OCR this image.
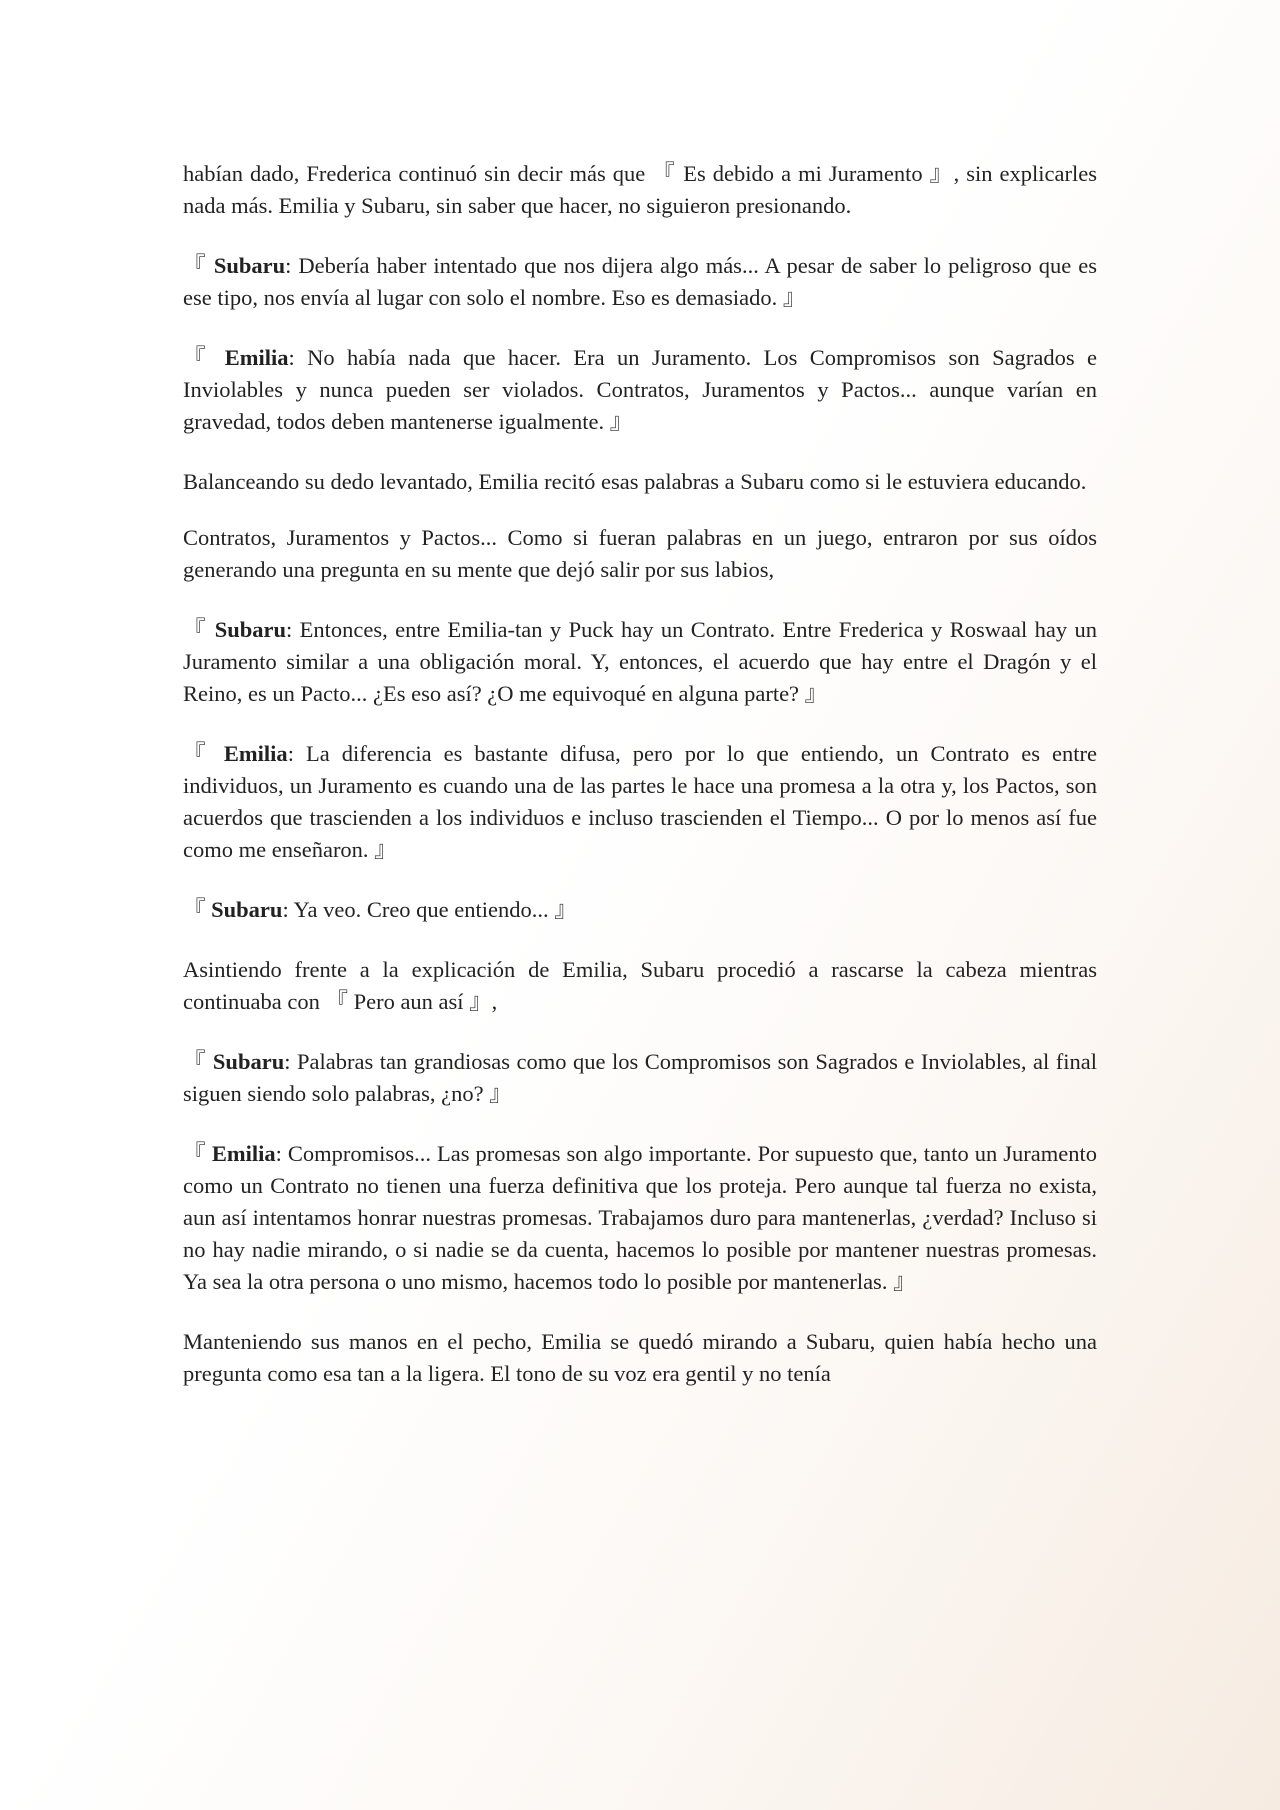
habían dado, Frederica continuó sin decir más que 『 Es debido a mi Juramento 』, sin explicarles nada más. Emilia y Subaru, sin saber que hacer, no siguieron presionando.

『 Subaru: Debería haber intentado que nos dijera algo más... A pesar de saber lo peligroso que es ese tipo, nos envía al lugar con solo el nombre. Eso es demasiado. 』

『 Emilia: No había nada que hacer. Era un Juramento. Los Compromisos son Sagrados e Inviolables y nunca pueden ser violados. Contratos, Juramentos y Pactos... aunque varían en gravedad, todos deben mantenerse igualmente. 』

Balanceando su dedo levantado, Emilia recitó esas palabras a Subaru como si le estuviera educando.

Contratos, Juramentos y Pactos... Como si fueran palabras en un juego, entraron por sus oídos generando una pregunta en su mente que dejó salir por sus labios,

『 Subaru: Entonces, entre Emilia-tan y Puck hay un Contrato. Entre Frederica y Roswaal hay un Juramento similar a una obligación moral. Y, entonces, el acuerdo que hay entre el Dragón y el Reino, es un Pacto... ¿Es eso así? ¿O me equivoqué en alguna parte? 』

『 Emilia: La diferencia es bastante difusa, pero por lo que entiendo, un Contrato es entre individuos, un Juramento es cuando una de las partes le hace una promesa a la otra y, los Pactos, son acuerdos que trascienden a los individuos e incluso trascienden el Tiempo... O por lo menos así fue como me enseñaron. 』

『 Subaru: Ya veo. Creo que entiendo... 』

Asintiendo frente a la explicación de Emilia, Subaru procedió a rascarse la cabeza mientras continuaba con 『 Pero aun así 』,

『 Subaru: Palabras tan grandiosas como que los Compromisos son Sagrados e Inviolables, al final siguen siendo solo palabras, ¿no? 』

『 Emilia: Compromisos... Las promesas son algo importante. Por supuesto que, tanto un Juramento como un Contrato no tienen una fuerza definitiva que los proteja. Pero aunque tal fuerza no exista, aun así intentamos honrar nuestras promesas. Trabajamos duro para mantenerlas, ¿verdad? Incluso si no hay nadie mirando, o si nadie se da cuenta, hacemos lo posible por mantener nuestras promesas. Ya sea la otra persona o uno mismo, hacemos todo lo posible por mantenerlas. 』

Manteniendo sus manos en el pecho, Emilia se quedó mirando a Subaru, quien había hecho una pregunta como esa tan a la ligera. El tono de su voz era gentil y no tenía
